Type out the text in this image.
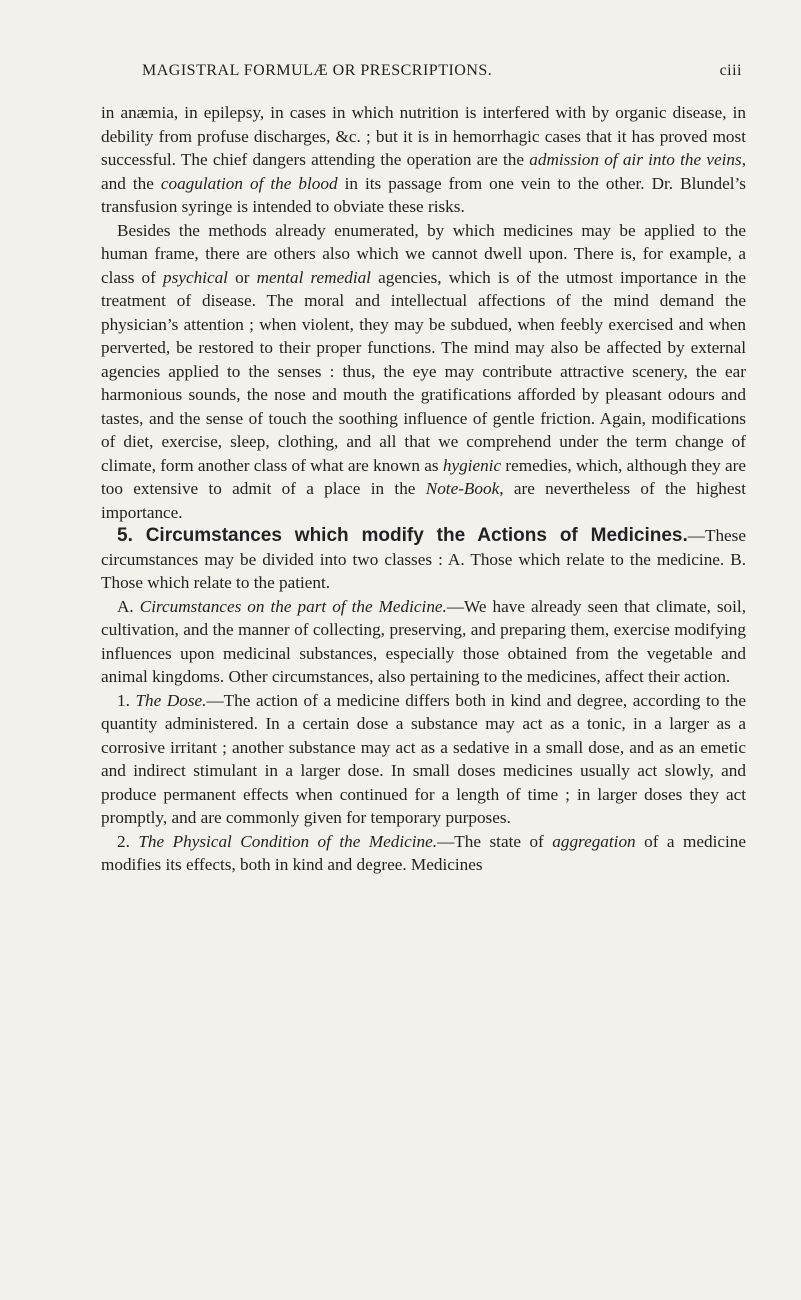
MAGISTRAL FORMULÆ OR PRESCRIPTIONS.	ciii

in anæmia, in epilepsy, in cases in which nutrition is interfered with by organic disease, in debility from profuse discharges, &c. ; but it is in hemorrhagic cases that it has proved most successful. The chief dangers attending the operation are the admission of air into the veins, and the coagulation of the blood in its passage from one vein to the other. Dr. Blundel’s transfusion syringe is intended to obviate these risks.

Besides the methods already enumerated, by which medicines may be applied to the human frame, there are others also which we cannot dwell upon. There is, for example, a class of psychical or mental remedial agencies, which is of the utmost importance in the treatment of disease. The moral and intellectual affections of the mind demand the physician’s attention ; when violent, they may be subdued, when feebly exercised and when perverted, be restored to their proper functions. The mind may also be affected by external agencies applied to the senses : thus, the eye may contribute attractive scenery, the ear harmonious sounds, the nose and mouth the gratifications afforded by pleasant odours and tastes, and the sense of touch the soothing influence of gentle friction. Again, modifications of diet, exercise, sleep, clothing, and all that we comprehend under the term change of climate, form another class of what are known as hygienic remedies, which, although they are too extensive to admit of a place in the Note-Book, are nevertheless of the highest importance.

5. Circumstances which modify the Actions of Medicines.—These circumstances may be divided into two classes : A. Those which relate to the medicine. B. Those which relate to the patient.

A. Circumstances on the part of the Medicine.—We have already seen that climate, soil, cultivation, and the manner of collecting, preserving, and preparing them, exercise modifying influences upon medicinal substances, especially those obtained from the vegetable and animal kingdoms. Other circumstances, also pertaining to the medicines, affect their action.

1. The Dose.—The action of a medicine differs both in kind and degree, according to the quantity administered. In a certain dose a substance may act as a tonic, in a larger as a corrosive irritant ; another substance may act as a sedative in a small dose, and as an emetic and indirect stimulant in a larger dose. In small doses medicines usually act slowly, and produce permanent effects when continued for a length of time ; in larger doses they act promptly, and are commonly given for temporary purposes.

2. The Physical Condition of the Medicine.—The state of aggregation of a medicine modifies its effects, both in kind and degree. Medicines
